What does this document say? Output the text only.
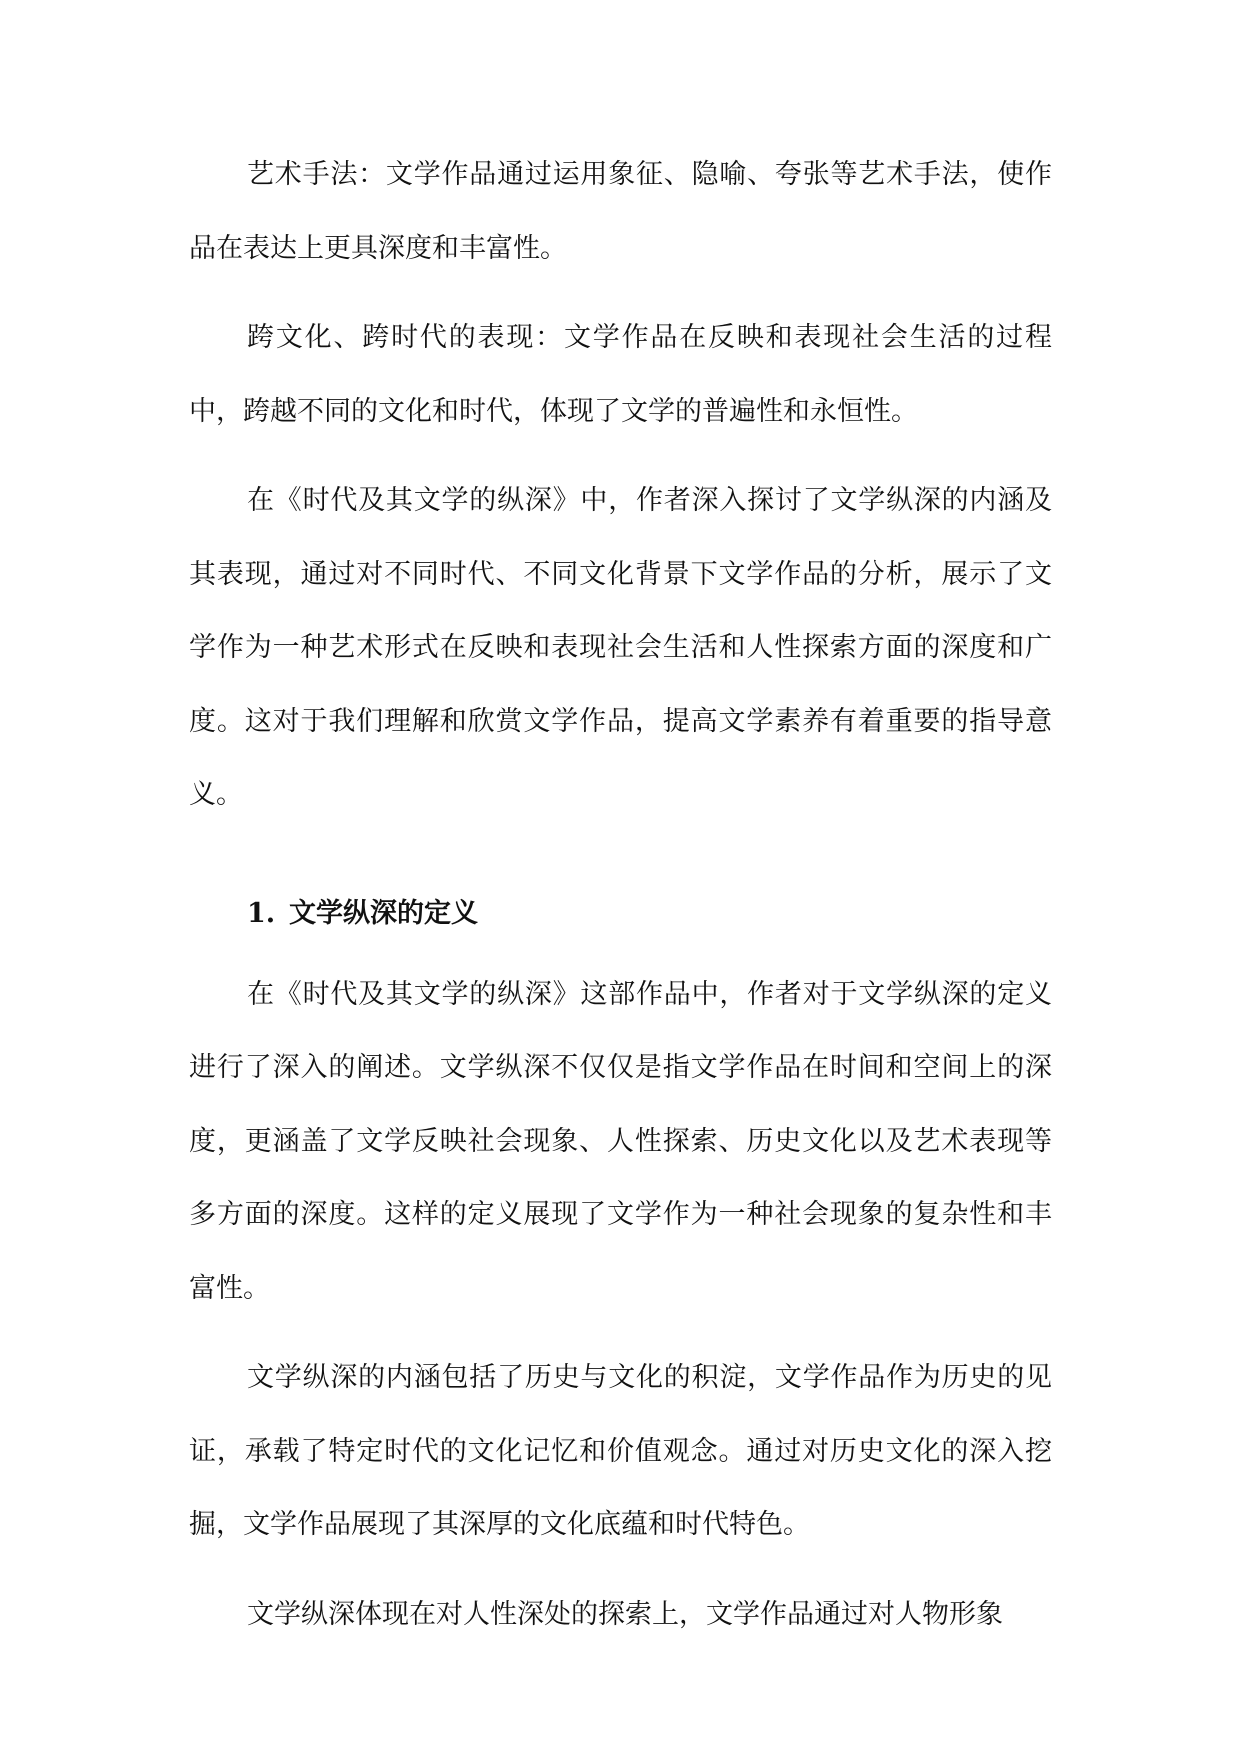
艺术手法：文学作品通过运用象征、隐喻、夸张等艺术手法，使作品在表达上更具深度和丰富性。

跨文化、跨时代的表现：文学作品在反映和表现社会生活的过程中，跨越不同的文化和时代，体现了文学的普遍性和永恒性。

在《时代及其文学的纵深》中，作者深入探讨了文学纵深的内涵及其表现，通过对不同时代、不同文化背景下文学作品的分析，展示了文学作为一种艺术形式在反映和表现社会生活和人性探索方面的深度和广度。这对于我们理解和欣赏文学作品，提高文学素养有着重要的指导意义。

1. 文学纵深的定义

在《时代及其文学的纵深》这部作品中，作者对于文学纵深的定义进行了深入的阐述。文学纵深不仅仅是指文学作品在时间和空间上的深度，更涵盖了文学反映社会现象、人性探索、历史文化以及艺术表现等多方面的深度。这样的定义展现了文学作为一种社会现象的复杂性和丰富性。

文学纵深的内涵包括了历史与文化的积淀，文学作品作为历史的见证，承载了特定时代的文化记忆和价值观念。通过对历史文化的深入挖掘，文学作品展现了其深厚的文化底蕴和时代特色。

文学纵深体现在对人性深处的探索上，文学作品通过对人物形象
